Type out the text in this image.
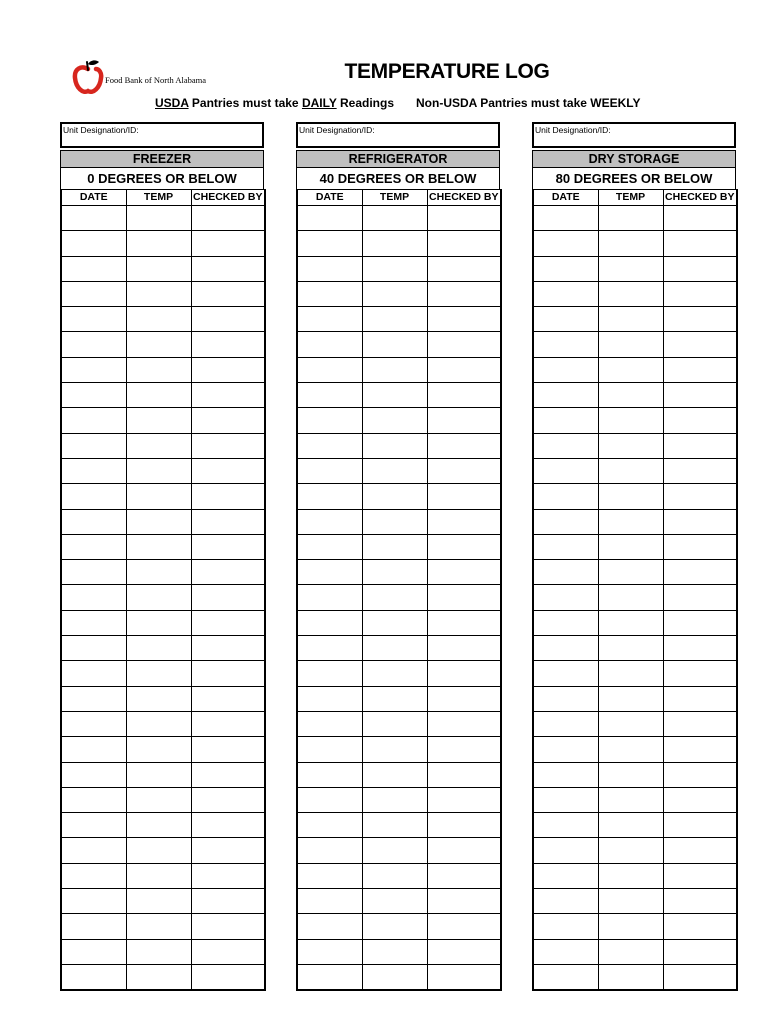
Food Bank of North Alabama	TEMPERATURE LOG
USDA Pantries must take DAILY Readings Non-USDA Pantries must take WEEKLY
Unit Designation/ID:
FREEZER
0 DEGREES OR BELOW
DATE	TEMP	CHECKED BY

Unit Designation/ID:
REFRIGERATOR
40 DEGREES OR BELOW
DATE	TEMP	CHECKED BY

Unit Designation/ID:
DRY STORAGE
80 DEGREES OR BELOW
DATE	TEMP	CHECKED BY
